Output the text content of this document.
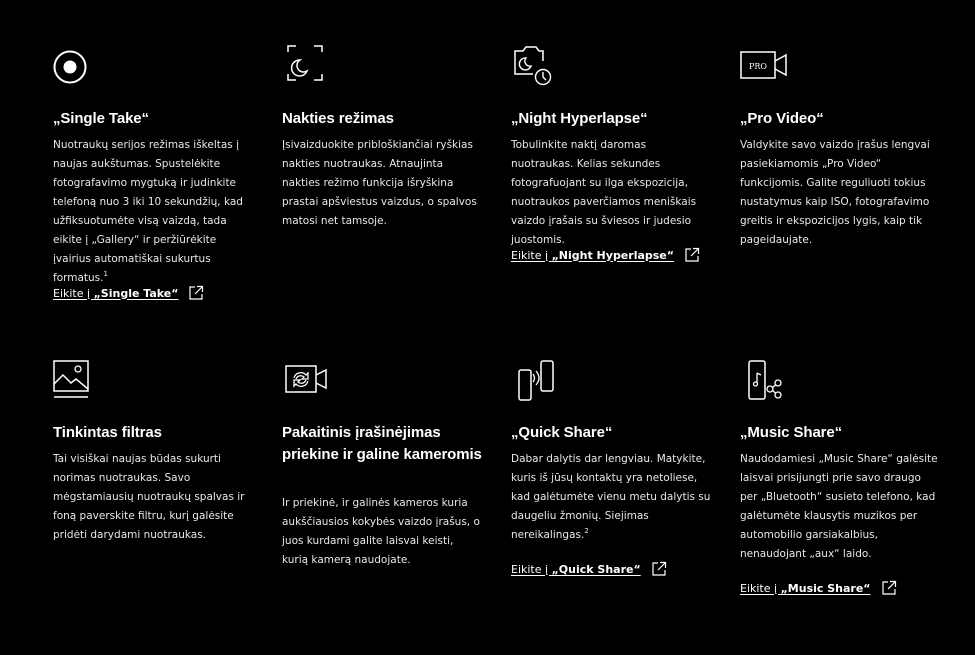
„Single Take“
Nuotraukų serijos režimas iškeltas į naujas aukštumas. Spustelėkite fotografavimo mygtuką ir judinkite telefoną nuo 3 iki 10 sekundžių, kad užfiksuotumėte visą vaizdą, tada eikite į „Gallery“ ir peržiūrėkite įvairius automatiškai sukurtus formatus.$^1$
Eikite į „Single Take“
Nakties režimas
Įsivaizduokite pribloškiančiai ryškias nakties nuotraukas. Atnaujinta nakties režimo funkcija išryškina prastai apšviestus vaizdus, o spalvos matosi net tamsoje.
„Night Hyperlapse“
Tobulinkite naktį daromas nuotraukas. Kelias sekundes fotografuojant su ilga ekspozicija, nuotraukos paverčiamos meniškais vaizdo įrašais su šviesos ir judesio juostomis.
Eikite į „Night Hyperlapse“
PRO
„Pro Video“
Valdykite savo vaizdo įrašus lengvai pasiekiamomis „Pro Video“ funkcijomis. Galite reguliuoti tokius nustatymus kaip ISO, fotografavimo greitis ir ekspozicijos lygis, kaip tik pageidaujate.
Tinkintas filtras
Tai visiškai naujas būdas sukurti norimas nuotraukas. Savo mėgstamiausių nuotraukų spalvas ir foną paverskite filtru, kurį galėsite pridėti darydami nuotraukas.
Pakaitinis įrašinėjimas priekine ir galine kameromis
Ir priekinė, ir galinės kameros kuria aukščiausios kokybės vaizdo įrašus, o juos kurdami galite laisvai keisti, kurią kamerą naudojate.
„Quick Share“
Dabar dalytis dar lengviau. Matykite, kuris iš jūsų kontaktų yra netoliese, kad galėtumėte vienu metu dalytis su daugeliu žmonių. Siejimas nereikalingas.$^2$
Eikite į „Quick Share“
„Music Share“
Naudodamiesi „Music Share“ galėsite laisvai prisijungti prie savo draugo per „Bluetooth“ susieto telefono, kad galėtumėte klausytis muzikos per automobilio garsiakalbius, nenaudojant „aux“ laido.
Eikite į „Music Share“
